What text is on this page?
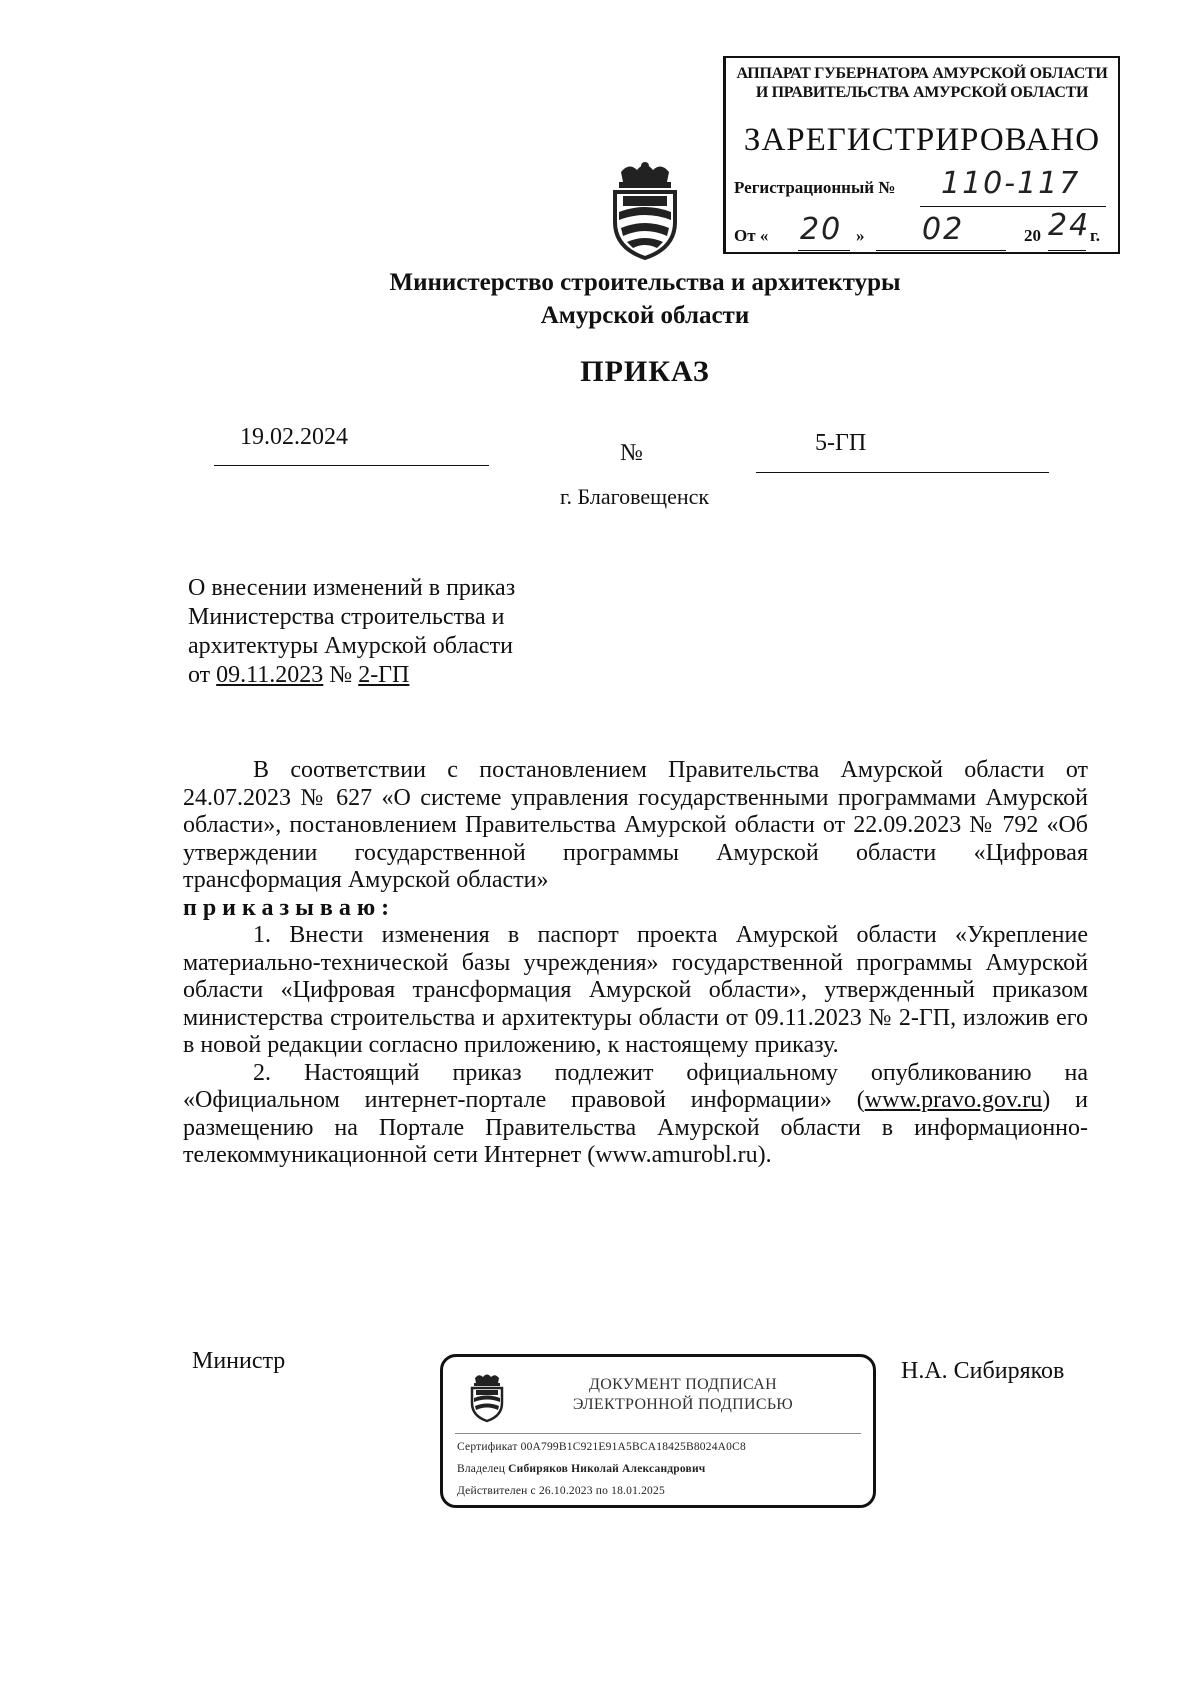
АППАРАТ ГУБЕРНАТОРА АМУРСКОЙ ОБЛАСТИ
И ПРАВИТЕЛЬСТВА АМУРСКОЙ ОБЛАСТИ
ЗАРЕГИСТРИРОВАНО
Регистрационный № 110-117
От « 20 » 02	20 24 г.
Министерство строительства и архитектуры
Амурской области
ПРИКАЗ
19.02.2024
№	5-ГП
г. Благовещенск
О внесении изменений в приказ
Министерства строительства и
архитектуры Амурской области
от 09.11.2023 № 2-ГП

В соответствии с постановлением Правительства Амурской области от 24.07.2023 № 627 «О системе управления государственными программами Амурской области», постановлением Правительства Амурской области от 22.09.2023 № 792 «Об утверждении государственной программы Амурской области «Цифровая трансформация Амурской области»

приказываю:

1. Внести изменения в паспорт проекта Амурской области «Укрепление материально-технической базы учреждения» государственной программы Амурской области «Цифровая трансформация Амурской области», утвержденный приказом министерства строительства и архитектуры области от 09.11.2023 № 2-ГП, изложив его в новой редакции согласно приложению, к настоящему приказу.

2. Настоящий приказ подлежит официальному опубликованию на «Официальном интернет-портале правовой информации» (www.pravo.gov.ru) и размещению на Портале Правительства Амурской области в информационно-телекоммуникационной сети Интернет (www.amurobl.ru).

Министр	Н.А. Сибиряков
ДОКУМЕНТ ПОДПИСАН
ЭЛЕКТРОННОЙ ПОДПИСЬЮ
Сертификат 00A799B1C921E91A5BCA18425B8024A0C8
Владелец Сибиряков Николай Александрович
Действителен с 26.10.2023 по 18.01.2025
